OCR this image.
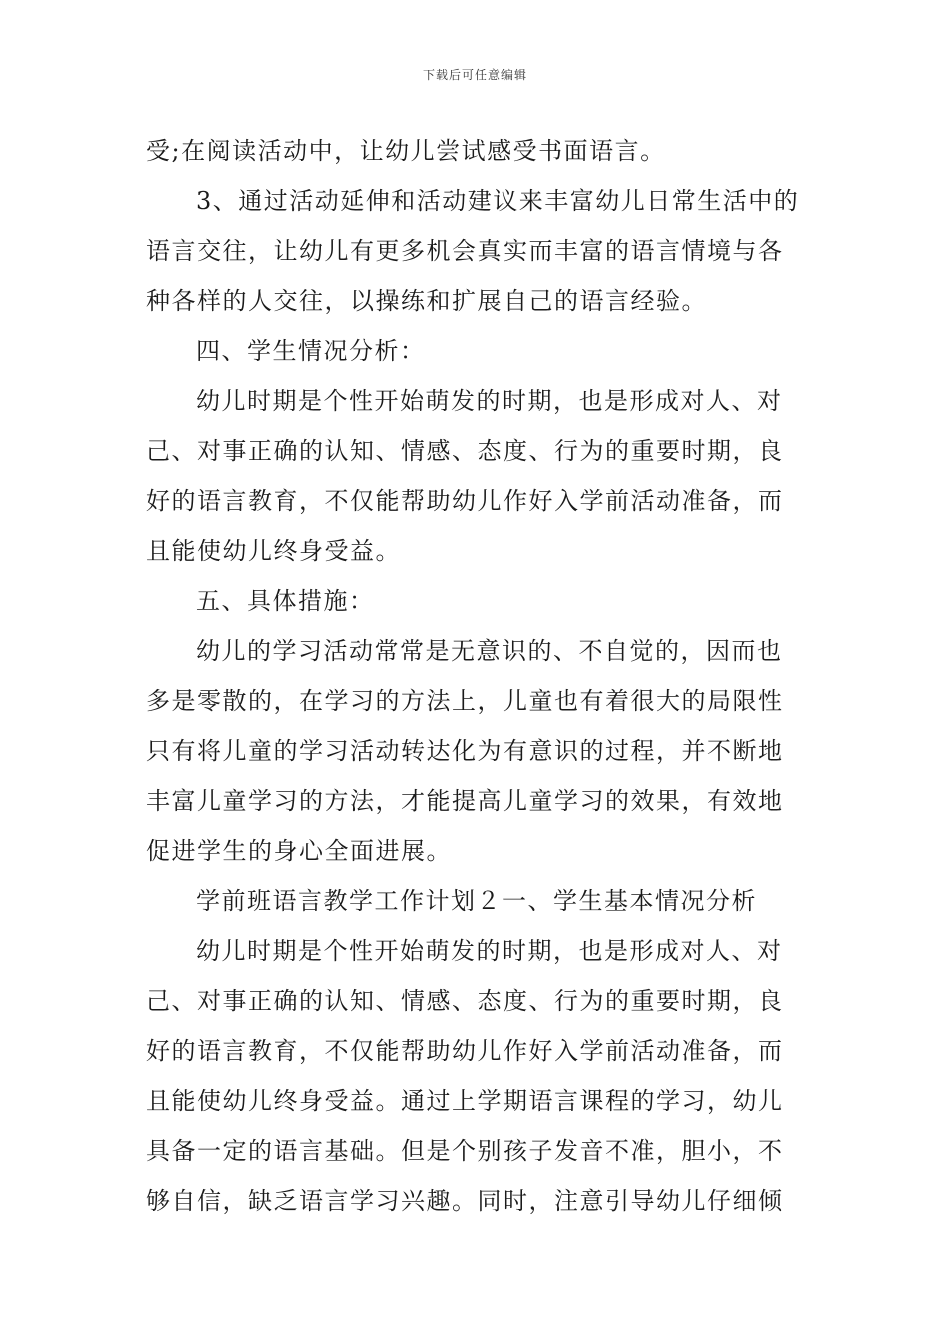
下载后可任意编辑
受;在阅读活动中，让幼儿尝试感受书面语言。
3、通过活动延伸和活动建议来丰富幼儿日常生活中的
语言交往，让幼儿有更多机会真实而丰富的语言情境与各
种各样的人交往，以操练和扩展自己的语言经验。
四、学生情况分析：
幼儿时期是个性开始萌发的时期，也是形成对人、对
己、对事正确的认知、情感、态度、行为的重要时期，良
好的语言教育，不仅能帮助幼儿作好入学前活动准备，而
且能使幼儿终身受益。
五、具体措施：
幼儿的学习活动常常是无意识的、不自觉的，因而也
多是零散的，在学习的方法上，儿童也有着很大的局限性
只有将儿童的学习活动转达化为有意识的过程，并不断地
丰富儿童学习的方法，才能提高儿童学习的效果，有效地
促进学生的身心全面进展。
学前班语言教学工作计划２一、学生基本情况分析
幼儿时期是个性开始萌发的时期，也是形成对人、对
己、对事正确的认知、情感、态度、行为的重要时期，良
好的语言教育，不仅能帮助幼儿作好入学前活动准备，而
且能使幼儿终身受益。通过上学期语言课程的学习，幼儿
具备一定的语言基础。但是个别孩子发音不准，胆小，不
够自信，缺乏语言学习兴趣。同时，注意引导幼儿仔细倾
